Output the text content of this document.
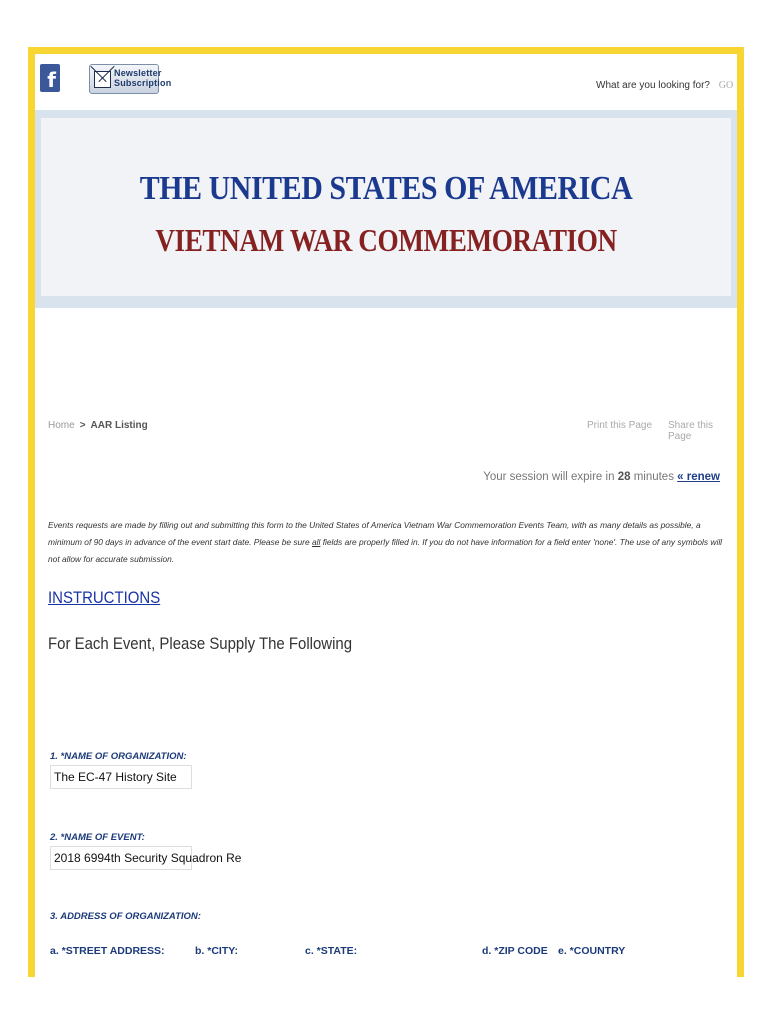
f	Newsletter Subscription
What are you looking for?	GO
THE UNITED STATES OF AMERICA
VIETNAM WAR COMMEMORATION
Home > AAR Listing	Print this Page Share this Page
Your session will expire in 28 minutes « renew
Events requests are made by filling out and submitting this form to the United States of America Vietnam War Commemoration Events Team, with as many details as possible, a minimum of 90 days in advance of the event start date. Please be sure all fields are properly filled in. If you do not have information for a field enter 'none'. The use of any symbols will not allow for accurate submission.
INSTRUCTIONS
For Each Event, Please Supply The Following
1. *NAME OF ORGANIZATION:
The EC-47 History Site
2. *NAME OF EVENT:
2018 6994th Security Squadron Re
3. ADDRESS OF ORGANIZATION:
a. *STREET ADDRESS:	b. *CITY:	c. *STATE:	d. *ZIP CODE e. *COUNTRY
